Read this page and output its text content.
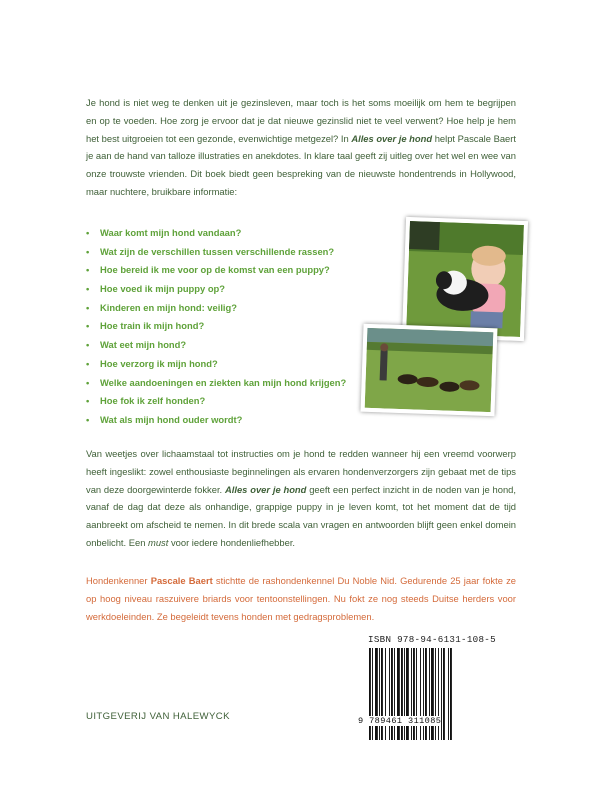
Je hond is niet weg te denken uit je gezinsleven, maar toch is het soms moeilijk om hem te begrijpen en op te voeden. Hoe zorg je ervoor dat je dat nieuwe gezinslid niet te veel verwent? Hoe help je hem het best uitgroeien tot een gezonde, evenwichtige metgezel? In Alles over je hond helpt Pascale Baert je aan de hand van talloze illustraties en anekdotes. In klare taal geeft zij uitleg over het wel en wee van onze trouwste vrienden. Dit boek biedt geen bespreking van de nieuwste hondentrends in Hollywood, maar nuchtere, bruikbare informatie:
• Waar komt mijn hond vandaan?
• Wat zijn de verschillen tussen verschillende rassen?
• Hoe bereid ik me voor op de komst van een puppy?
• Hoe voed ik mijn puppy op?
• Kinderen en mijn hond: veilig?
• Hoe train ik mijn hond?
• Wat eet mijn hond?
• Hoe verzorg ik mijn hond?
• Welke aandoeningen en ziekten kan mijn hond krijgen?
• Hoe fok ik zelf honden?
• Wat als mijn hond ouder wordt?
Van weetjes over lichaamstaal tot instructies om je hond te redden wanneer hij een vreemd voorwerp heeft ingeslikt: zowel enthousiaste beginnelingen als ervaren hondenverzorgers zijn gebaat met de tips van deze doorgewinterde fokker. Alles over je hond geeft een perfect inzicht in de noden van je hond, vanaf de dag dat deze als onhandige, grappige puppy in je leven komt, tot het moment dat de tijd aanbreekt om afscheid te nemen. In dit brede scala van vragen en antwoorden blijft geen enkel domein onbelicht. Een must voor iedere hondenliefhebber.
Hondenkenner Pascale Baert stichtte de rashondenkennel Du Noble Nid. Gedurende 25 jaar fokte ze op hoog niveau raszuivere briards voor tentoonstellingen. Nu fokt ze nog steeds Duitse herders voor werkdoeleinden. Ze begeleidt tevens honden met gedragsproblemen.
ISBN 978-94-6131-108-5
9 789461 311085
UITGEVERIJ VAN HALEWYCK
